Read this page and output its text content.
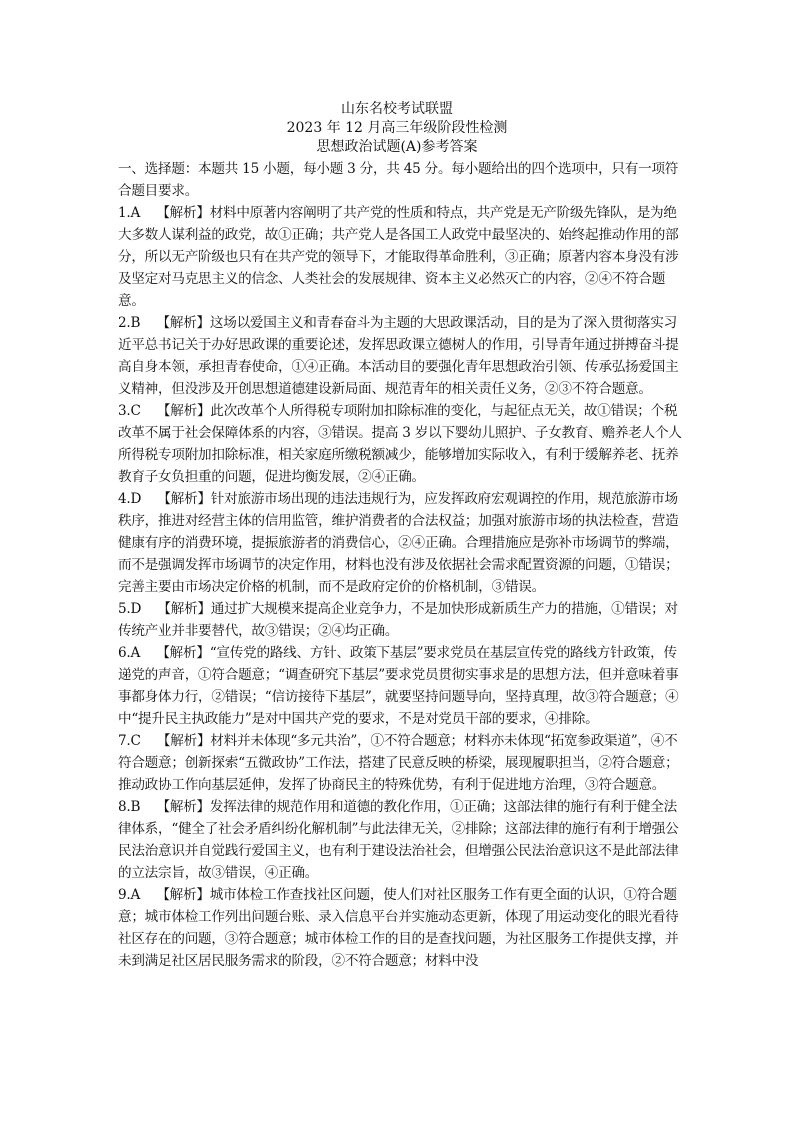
山东名校考试联盟
2023 年 12 月高三年级阶段性检测
思想政治试题(A)参考答案

一、选择题：本题共 15 小题，每小题 3 分，共 45 分。每小题给出的四个选项中，只有一项符合题目要求。

1.A 【解析】材料中原著内容阐明了共产党的性质和特点，共产党是无产阶级先锋队，是为绝大多数人谋利益的政党，故①正确；共产党人是各国工人政党中最坚决的、始终起推动作用的部分，所以无产阶级也只有在共产党的领导下，才能取得革命胜利，③正确；原著内容本身没有涉及坚定对马克思主义的信念、人类社会的发展规律、资本主义必然灭亡的内容，②④不符合题意。

2.B 【解析】这场以爱国主义和青春奋斗为主题的大思政课活动，目的是为了深入贯彻落实习近平总书记关于办好思政课的重要论述，发挥思政课立德树人的作用，引导青年通过拼搏奋斗提高自身本领，承担青春使命，①④正确。本活动目的要强化青年思想政治引领、传承弘扬爱国主义精神，但没涉及开创思想道德建设新局面、规范青年的相关责任义务，②③不符合题意。

3.C 【解析】此次改革个人所得税专项附加扣除标准的变化，与起征点无关，故①错误；个税改革不属于社会保障体系的内容，③错误。提高 3 岁以下婴幼儿照护、子女教育、赡养老人个人所得税专项附加扣除标准，相关家庭所缴税额减少，能够增加实际收入，有利于缓解养老、抚养教育子女负担重的问题，促进均衡发展，②④正确。

4.D 【解析】针对旅游市场出现的违法违规行为，应发挥政府宏观调控的作用，规范旅游市场秩序，推进对经营主体的信用监管，维护消费者的合法权益；加强对旅游市场的执法检查，营造健康有序的消费环境，提振旅游者的消费信心，②④正确。合理措施应是弥补市场调节的弊端，而不是强调发挥市场调节的决定作用，材料也没有涉及依据社会需求配置资源的问题，①错误；完善主要由市场决定价格的机制，而不是政府定价的价格机制，③错误。

5.D 【解析】通过扩大规模来提高企业竞争力，不是加快形成新质生产力的措施，①错误；对传统产业并非要替代，故③错误；②④均正确。

6.A 【解析】“宣传党的路线、方针、政策下基层”要求党员在基层宣传党的路线方针政策，传递党的声音，①符合题意；“调查研究下基层”要求党员贯彻实事求是的思想方法，但并意味着事事都身体力行，②错误；“信访接待下基层”，就要坚持问题导向，坚持真理，故③符合题意；④中“提升民主执政能力”是对中国共产党的要求，不是对党员干部的要求，④排除。

7.C 【解析】材料并未体现“多元共治”，①不符合题意；材料亦未体现“拓宽参政渠道”，④不符合题意；创新探索“五微政协”工作法，搭建了民意反映的桥梁，展现履职担当，②符合题意；推动政协工作向基层延伸，发挥了协商民主的特殊优势，有利于促进地方治理，③符合题意。

8.B 【解析】发挥法律的规范作用和道德的教化作用，①正确；这部法律的施行有利于健全法律体系，“健全了社会矛盾纠纷化解机制”与此法律无关，②排除；这部法律的施行有利于增强公民法治意识并自觉践行爱国主义，也有利于建设法治社会，但增强公民法治意识这不是此部法律的立法宗旨，故③错误，④正确。

9.A 【解析】城市体检工作查找社区问题，使人们对社区服务工作有更全面的认识，①符合题意；城市体检工作列出问题台账、录入信息平台并实施动态更新，体现了用运动变化的眼光看待社区存在的问题，③符合题意；城市体检工作的目的是查找问题，为社区服务工作提供支撑，并未到满足社区居民服务需求的阶段，②不符合题意；材料中没
